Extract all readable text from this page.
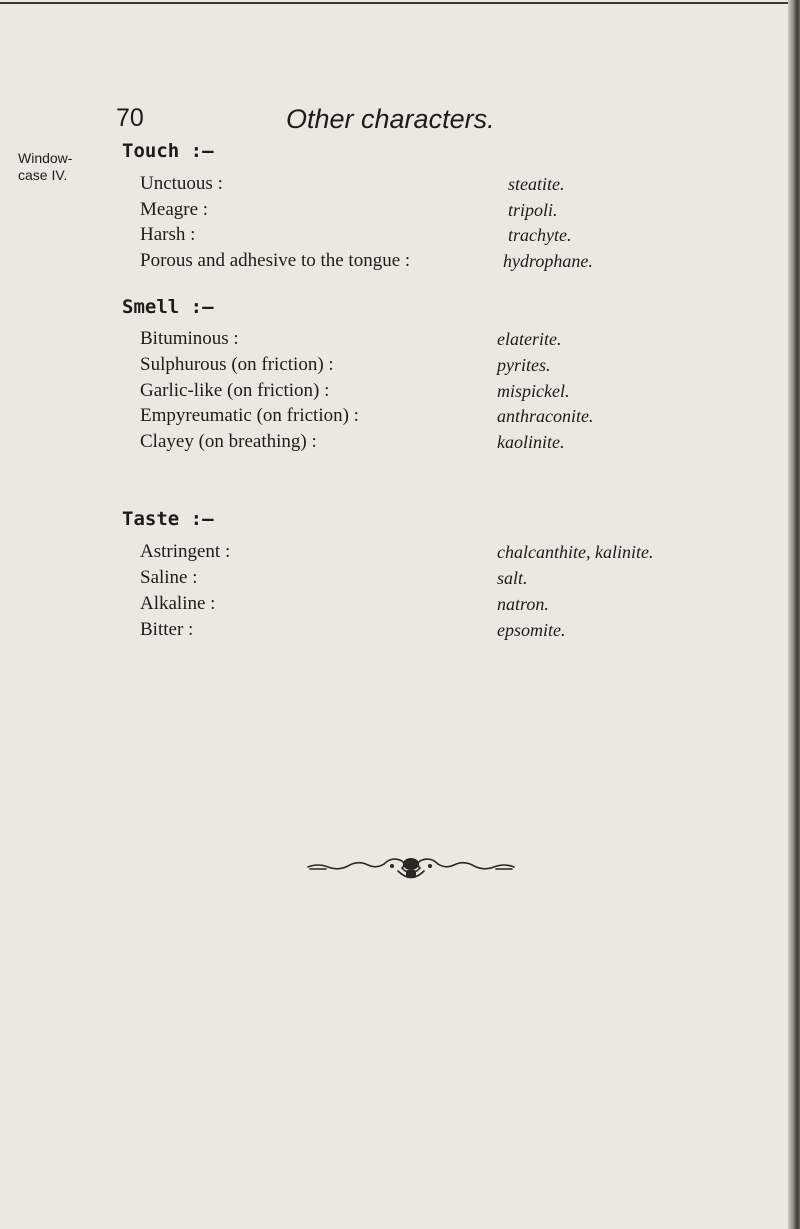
70	Other characters.
Window-
case IV.
Touch :—
Unctuous :	steatite.
Meagre :	tripoli.
Harsh :	trachyte.
Porous and adhesive to the tongue :	hydrophane.
Smell :—
Bituminous :	elaterite.
Sulphurous (on friction) :	pyrites.
Garlic-like (on friction) :	mispickel.
Empyreumatic (on friction) :	anthraconite.
Clayey (on breathing) :	kaolinite.
Taste :—
Astringent :	chalcanthite, kalinite.
Saline :	salt.
Alkaline :	natron.
Bitter :	epsomite.
